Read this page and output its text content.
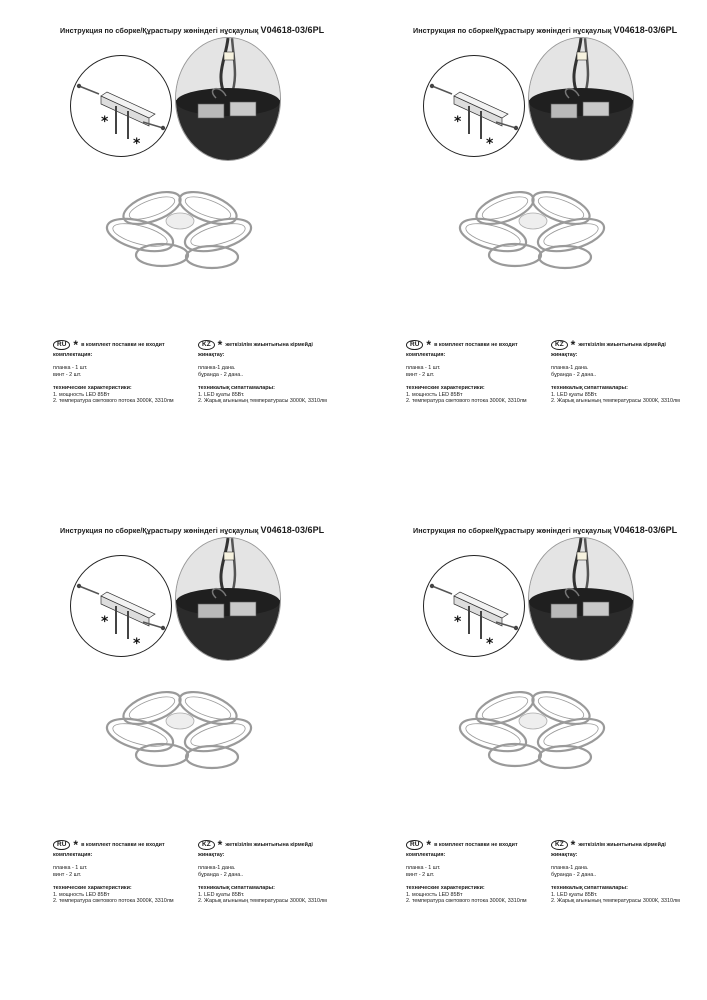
Инструкция по сборке/Құрастыру жөніндегі нұсқаулық V04618-03/6PL
*
*
RU * в комплект поставки не входит
комплектация:
планка - 1 шт.
винт - 2 шт.
технические характеристики:
1. мощность LED 85Вт
2. температура светового потока 3000К, 3310лм
KZ * жеткізілім жиынтығына кірмейді
жинақтау:
планка-1 дана.
бұранда - 2 дана..
техникалық сипаттамалары:
1. LED қуаты 85Вт.
2. Жарық ағынының температурасы 3000К, 3310лм
Инструкция по сборке/Құрастыру жөніндегі нұсқаулық V04618-03/6PL
*
*
RU * в комплект поставки не входит
комплектация:
планка - 1 шт.
винт - 2 шт.
технические характеристики:
1. мощность LED 85Вт
2. температура светового потока 3000К, 3310лм
KZ * жеткізілім жиынтығына кірмейді
жинақтау:
планка-1 дана.
бұранда - 2 дана..
техникалық сипаттамалары:
1. LED қуаты 85Вт.
2. Жарық ағынының температурасы 3000К, 3310лм
Инструкция по сборке/Құрастыру жөніндегі нұсқаулық V04618-03/6PL
*
*
RU * в комплект поставки не входит
комплектация:
планка - 1 шт.
винт - 2 шт.
технические характеристики:
1. мощность LED 85Вт
2. температура светового потока 3000К, 3310лм
KZ * жеткізілім жиынтығына кірмейді
жинақтау:
планка-1 дана.
бұранда - 2 дана..
техникалық сипаттамалары:
1. LED қуаты 85Вт.
2. Жарық ағынының температурасы 3000К, 3310лм
Инструкция по сборке/Құрастыру жөніндегі нұсқаулық V04618-03/6PL
*
*
RU * в комплект поставки не входит
комплектация:
планка - 1 шт.
винт - 2 шт.
технические характеристики:
1. мощность LED 85Вт
2. температура светового потока 3000К, 3310лм
KZ * жеткізілім жиынтығына кірмейді
жинақтау:
планка-1 дана.
бұранда - 2 дана..
техникалық сипаттамалары:
1. LED қуаты 85Вт.
2. Жарық ағынының температурасы 3000К, 3310лм
